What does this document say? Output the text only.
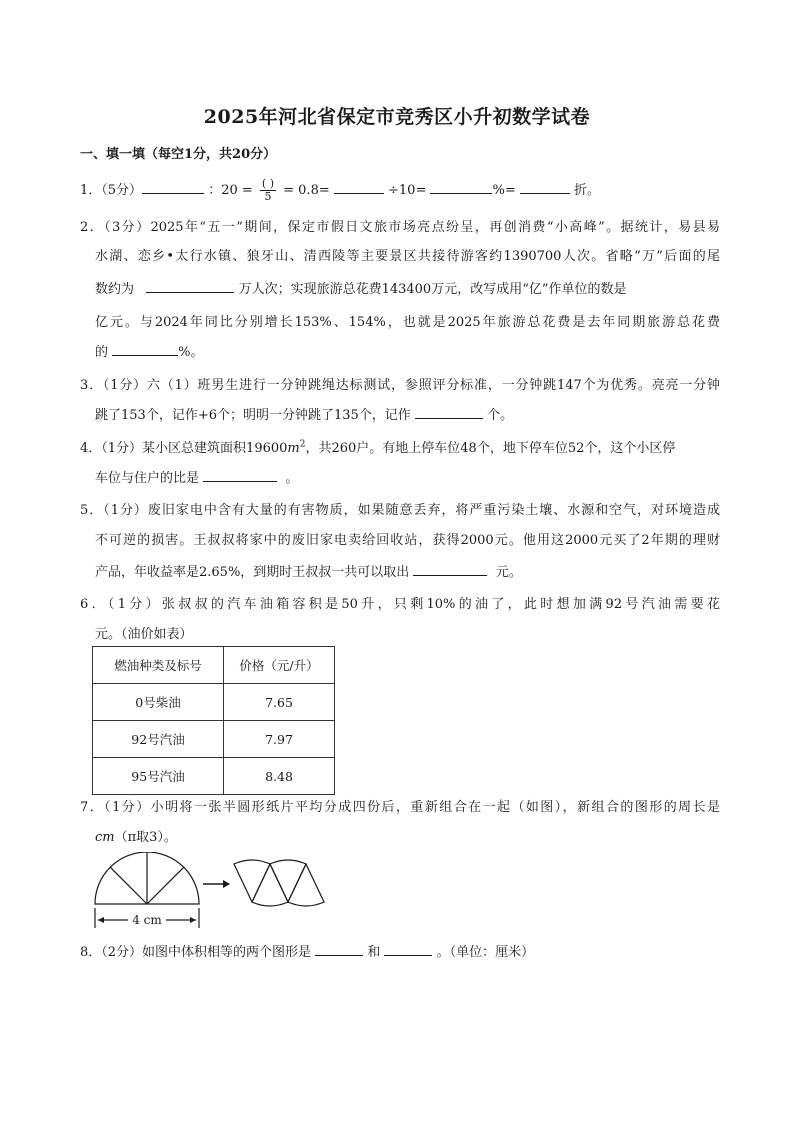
2025年河北省保定市竞秀区小升初数学试卷
一、填一填（每空1分，共20分）
1．（5分）	：$20 = \frac{( )}{5} = 0.8=$	÷10=	%=	折。
2．（3分）2025年“五一”期间，保定市假日文旅市场亮点纷呈，再创消费“小高峰”。据统计，易县易
水湖、恋乡•太行水镇、狼牙山、清西陵等主要景区共接待游客约1390700人次。省略“万”后面的尾
数约为	万人次；实现旅游总花费143400万元，改写成用“亿”作单位的数是
亿元。与2024年同比分别增长153%、154%，也就是2025年旅游总花费是去年同期旅游总花费
的	%。
3．（1分）六（1）班男生进行一分钟跳绳达标测试，参照评分标准，一分钟跳147个为优秀。亮亮一分钟
跳了153个，记作+6个；明明一分钟跳了135个，记作	个。
4．（1分）某小区总建筑面积$19600m^2$，共260户。有地上停车位48个，地下停车位52个，这个小区停
车位与住户的比是	。
5．（1分）废旧家电中含有大量的有害物质，如果随意丢弃，将严重污染土壤、水源和空气，对环境造成
不可逆的损害。王叔叔将家中的废旧家电卖给回收站，获得2000元。他用这2000元买了2年期的理财
产品，年收益率是2.65%，到期时王叔叔一共可以取出	元。
6．（1分）张叔叔的汽车油箱容积是50升，只剩10%的油了，此时想加满92号汽油需要花
元。（油价如表）
燃油种类及标号	价格（元/升）
0号柴油	7.65
92号汽油	7.97
95号汽油	8.48
7．（1分）小明将一张半圆形纸片平均分成四份后，重新组合在一起（如图），新组合的图形的周长是
cm（π取3）。
4 cm
8．（2分）如图中体积相等的两个图形是	和	。（单位：厘米）
